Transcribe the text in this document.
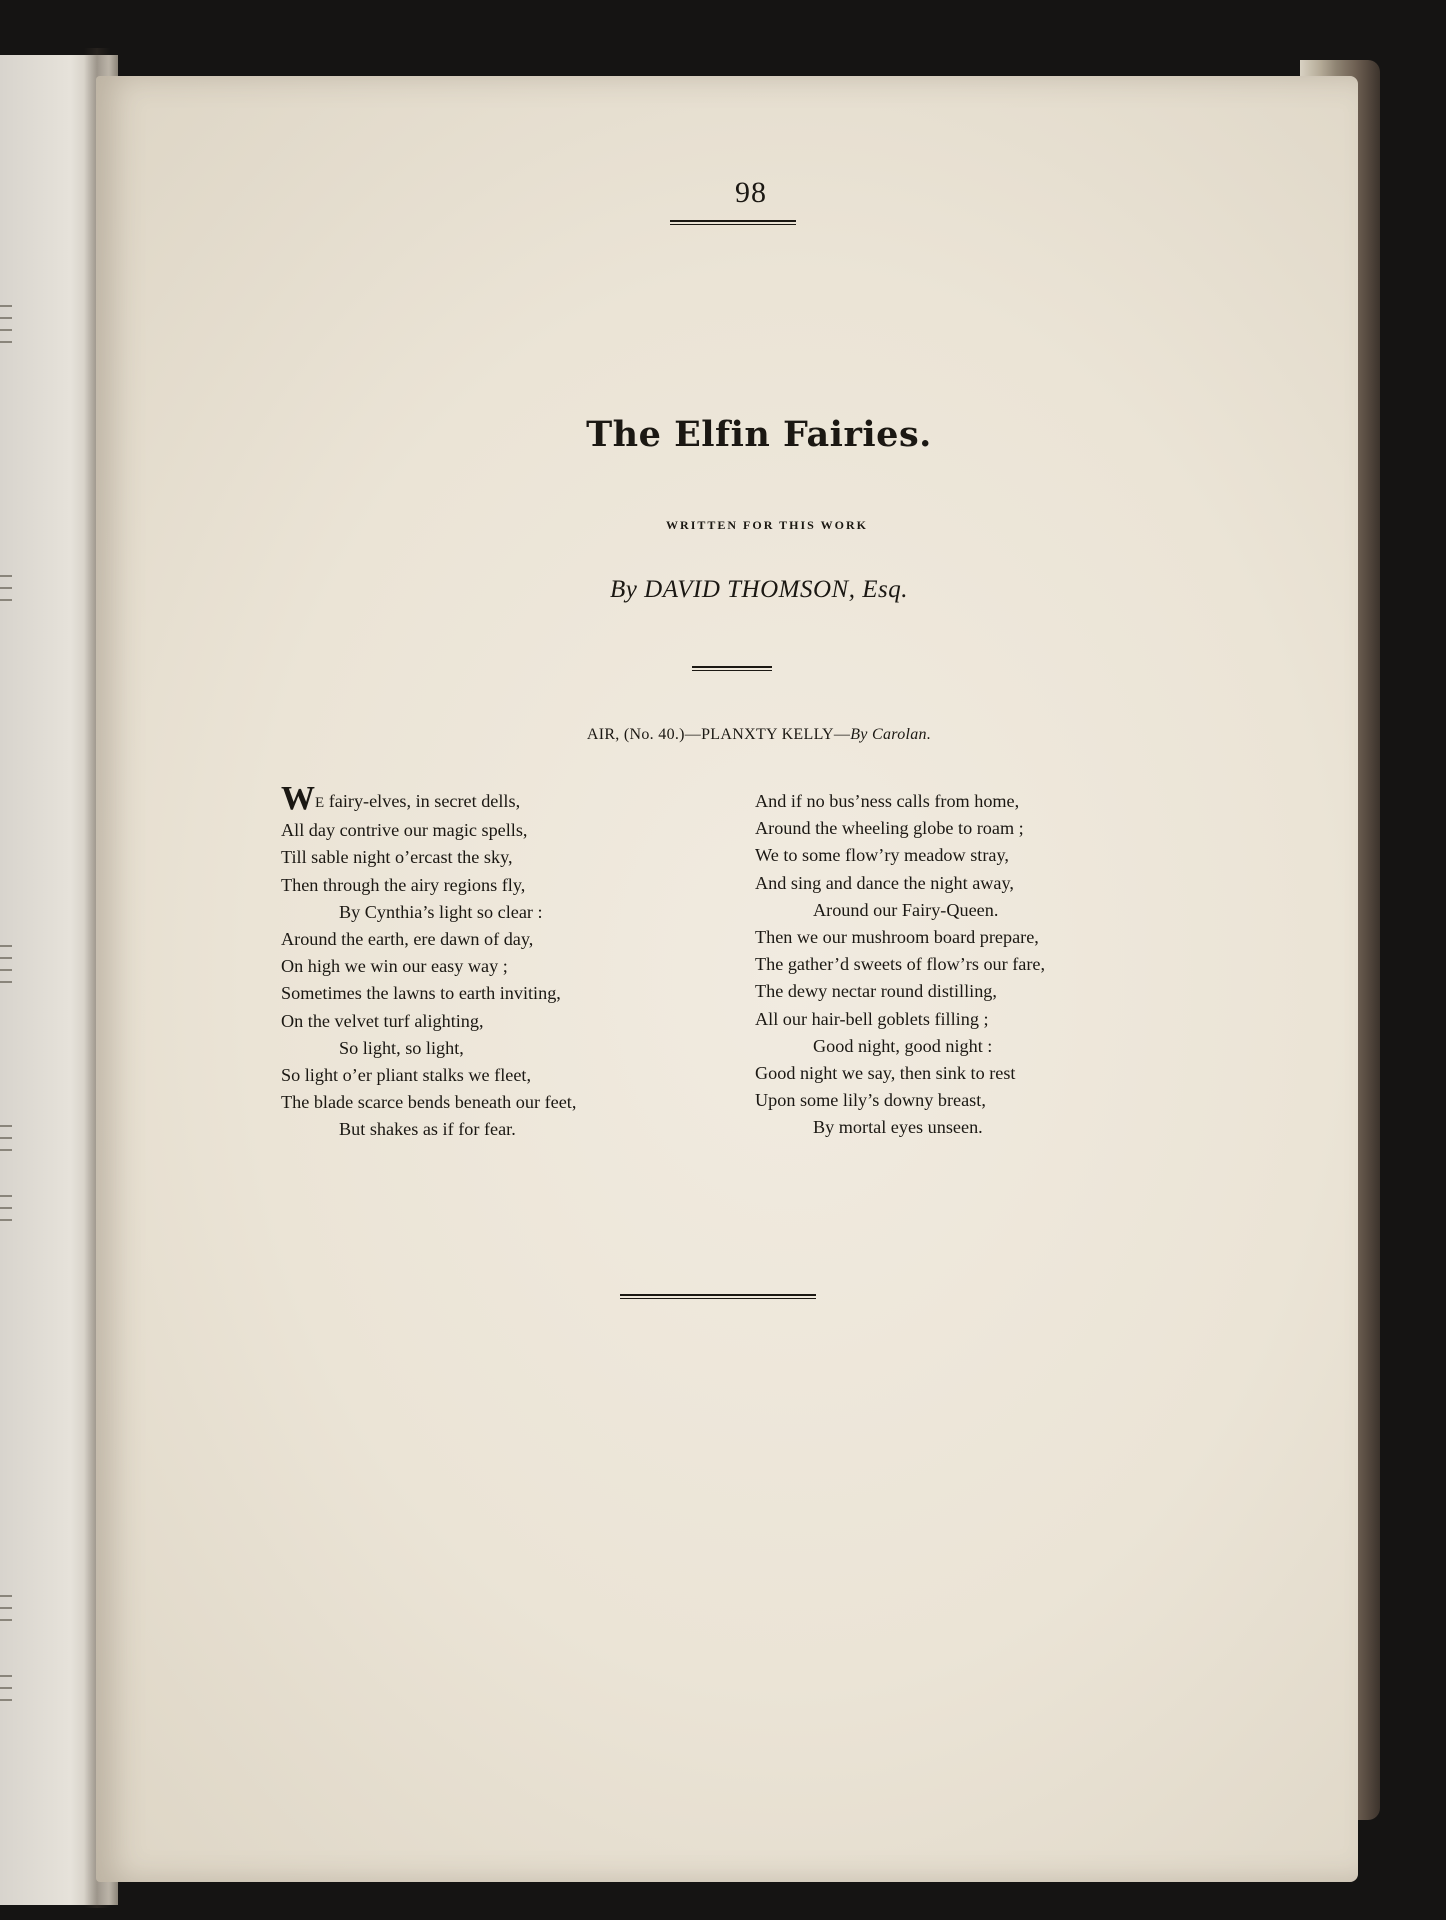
98
The Elfin Fairies.
WRITTEN FOR THIS WORK
By DAVID THOMSON, Esq.
AIR, (No. 40.)—PLANXTY KELLY—By Carolan.
WE fairy-elves, in secret dells,
All day contrive our magic spells,
Till sable night o’ercast the sky,
Then through the airy regions fly,
By Cynthia’s light so clear :
Around the earth, ere dawn of day,
On high we win our easy way ;
Sometimes the lawns to earth inviting,
On the velvet turf alighting,
So light, so light,
So light o’er pliant stalks we fleet,
The blade scarce bends beneath our feet,
But shakes as if for fear.
And if no bus’ness calls from home,
Around the wheeling globe to roam ;
We to some flow’ry meadow stray,
And sing and dance the night away,
Around our Fairy-Queen.
Then we our mushroom board prepare,
The gather’d sweets of flow’rs our fare,
The dewy nectar round distilling,
All our hair-bell goblets filling ;
Good night, good night :
Good night we say, then sink to rest
Upon some lily’s downy breast,
By mortal eyes unseen.
